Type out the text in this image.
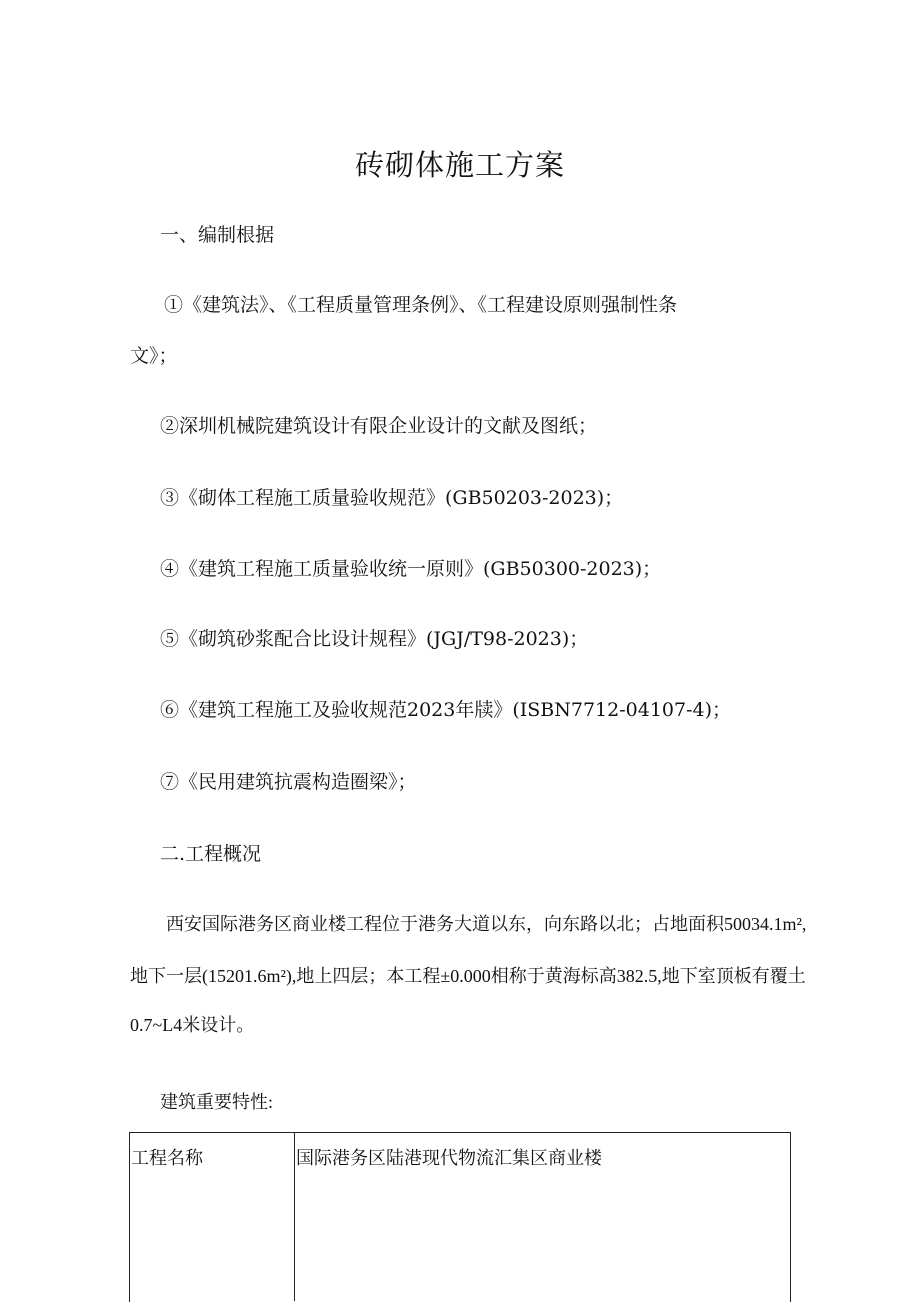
砖砌体施工方案
一、编制根据
①《建筑法》、《工程质量管理条例》、《工程建设原则强制性条
文》；
②深圳机械院建筑设计有限企业设计的文献及图纸；
③《砌体工程施工质量验收规范》(GB50203-2023)；
④《建筑工程施工质量验收统一原则》(GB50300-2023)；
⑤《砌筑砂浆配合比设计规程》(JGJ/T98-2023)；
⑥《建筑工程施工及验收规范2023年牍》(ISBN7712-04107-4)；
⑦《民用建筑抗震构造圈梁》；
二.工程概况
西安国际港务区商业楼工程位于港务大道以东，向东路以北；占地面积50034.1m²,
地下一层(15201.6m²),地上四层；本工程±0.000相称于黄海标高382.5,地下室顶板有覆土
0.7~L4米设计。
建筑重要特性:
工程名称	国际港务区陆港现代物流汇集区商业楼
